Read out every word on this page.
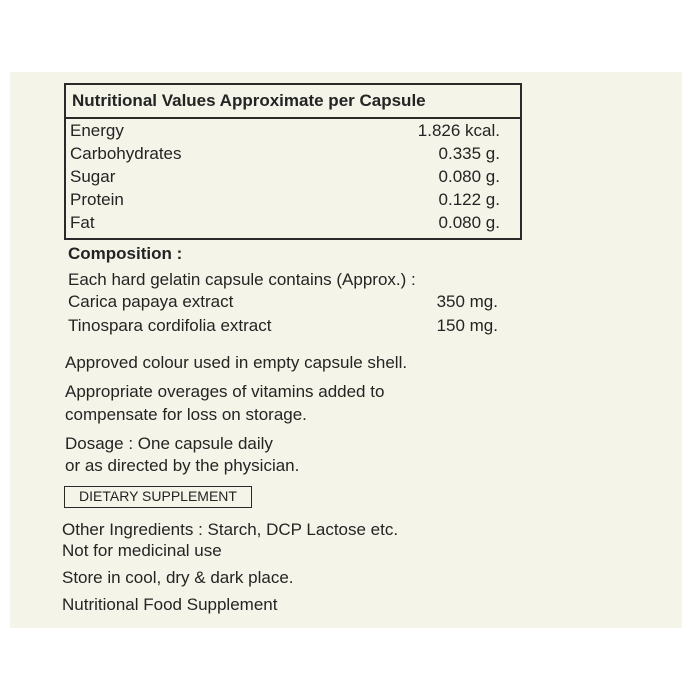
Nutritional Values Approximate per Capsule
Energy	1.826 kcal.
Carbohydrates	0.335 g.
Sugar	0.080 g.
Protein	0.122 g.
Fat	0.080 g.
Composition :
Each hard gelatin capsule contains (Approx.) :
Carica papaya extract	350 mg.
Tinospara cordifolia extract	150 mg.
Approved colour used in empty capsule shell.
Appropriate overages of vitamins added to
compensate for loss on storage.
Dosage : One capsule daily
or as directed by the physician.
DIETARY SUPPLEMENT
Other Ingredients : Starch, DCP Lactose etc.
Not for medicinal use
Store in cool, dry & dark place.
Nutritional Food Supplement
